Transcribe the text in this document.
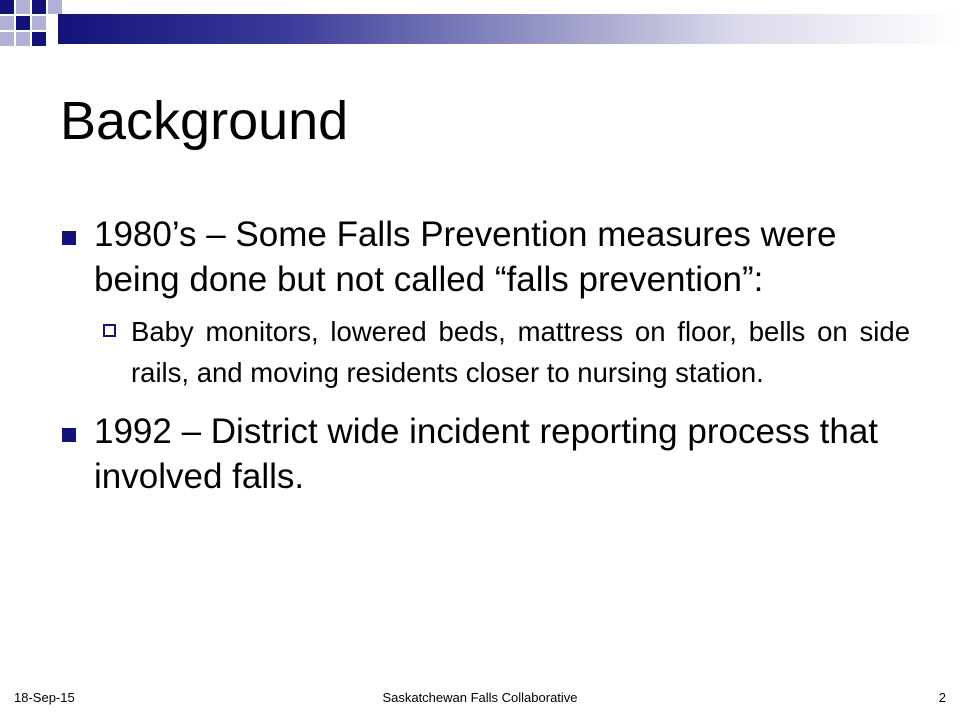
Background
1980’s – Some Falls Prevention measures were being done but not called “falls prevention”:
Baby monitors, lowered beds, mattress on floor, bells on side rails, and moving residents closer to nursing station.
1992 – District wide incident reporting process that involved falls.
18-Sep-15	Saskatchewan Falls Collaborative	2
